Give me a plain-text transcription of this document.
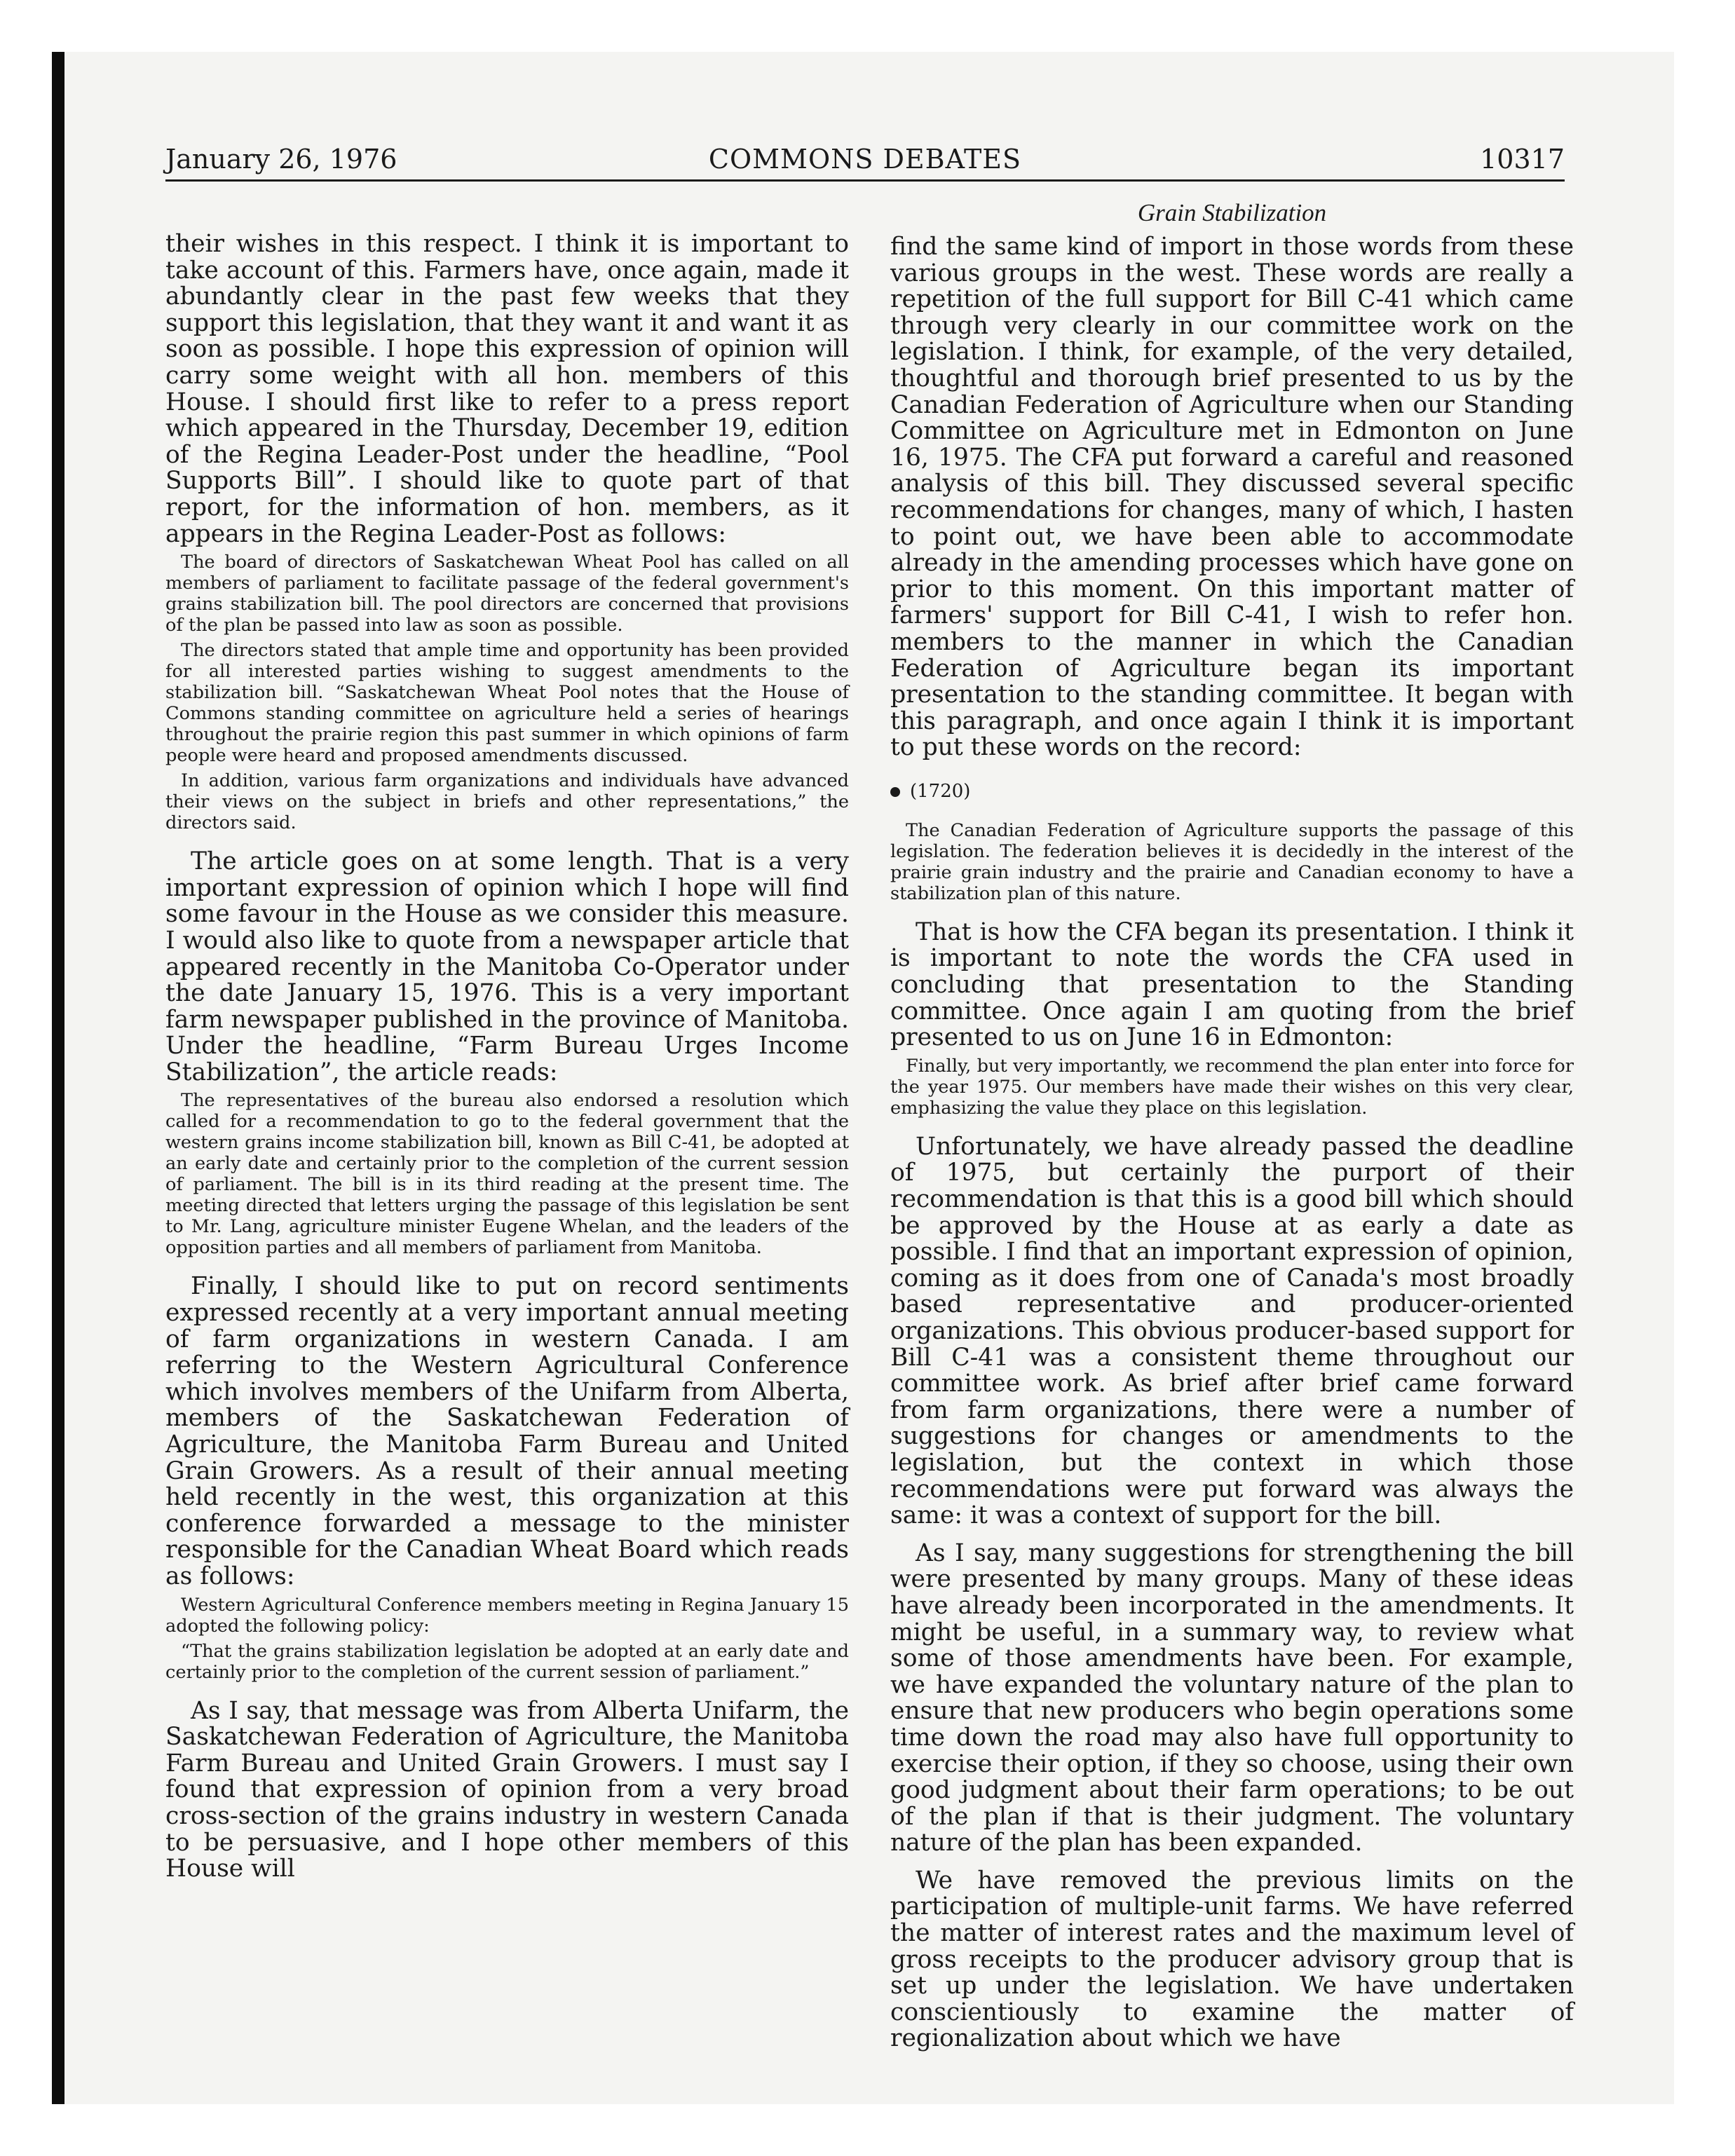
January 26, 1976	COMMONS DEBATES	10317

their wishes in this respect. I think it is important to take account of this. Farmers have, once again, made it abundantly clear in the past few weeks that they support this legislation, that they want it and want it as soon as possible. I hope this expression of opinion will carry some weight with all hon. members of this House. I should first like to refer to a press report which appeared in the Thursday, December 19, edition of the Regina Leader-Post under the headline, “Pool Supports Bill”. I should like to quote part of that report, for the information of hon. members, as it appears in the Regina Leader-Post as follows:

The board of directors of Saskatchewan Wheat Pool has called on all members of parliament to facilitate passage of the federal government's grains stabilization bill. The pool directors are concerned that provisions of the plan be passed into law as soon as possible.

The directors stated that ample time and opportunity has been provided for all interested parties wishing to suggest amendments to the stabilization bill. “Saskatchewan Wheat Pool notes that the House of Commons standing committee on agriculture held a series of hearings throughout the prairie region this past summer in which opinions of farm people were heard and proposed amendments discussed.

In addition, various farm organizations and individuals have advanced their views on the subject in briefs and other representations,” the directors said.

The article goes on at some length. That is a very important expression of opinion which I hope will find some favour in the House as we consider this measure. I would also like to quote from a newspaper article that appeared recently in the Manitoba Co-Operator under the date January 15, 1976. This is a very important farm newspaper published in the province of Manitoba. Under the headline, “Farm Bureau Urges Income Stabilization”, the article reads:

The representatives of the bureau also endorsed a resolution which called for a recommendation to go to the federal government that the western grains income stabilization bill, known as Bill C-41, be adopted at an early date and certainly prior to the completion of the current session of parliament. The bill is in its third reading at the present time. The meeting directed that letters urging the passage of this legislation be sent to Mr. Lang, agriculture minister Eugene Whelan, and the leaders of the opposition parties and all members of parliament from Manitoba.

Finally, I should like to put on record sentiments expressed recently at a very important annual meeting of farm organizations in western Canada. I am referring to the Western Agricultural Conference which involves members of the Unifarm from Alberta, members of the Saskatchewan Federation of Agriculture, the Manitoba Farm Bureau and United Grain Growers. As a result of their annual meeting held recently in the west, this organization at this conference forwarded a message to the minister responsible for the Canadian Wheat Board which reads as follows:

Western Agricultural Conference members meeting in Regina January 15 adopted the following policy:

“That the grains stabilization legislation be adopted at an early date and certainly prior to the completion of the current session of parliament.”

As I say, that message was from Alberta Unifarm, the Saskatchewan Federation of Agriculture, the Manitoba Farm Bureau and United Grain Growers. I must say I found that expression of opinion from a very broad cross-section of the grains industry in western Canada to be persuasive, and I hope other members of this House will

Grain Stabilization

find the same kind of import in those words from these various groups in the west. These words are really a repetition of the full support for Bill C-41 which came through very clearly in our committee work on the legislation. I think, for example, of the very detailed, thoughtful and thorough brief presented to us by the Canadian Federation of Agriculture when our Standing Committee on Agriculture met in Edmonton on June 16, 1975. The CFA put forward a careful and reasoned analysis of this bill. They discussed several specific recommendations for changes, many of which, I hasten to point out, we have been able to accommodate already in the amending processes which have gone on prior to this moment. On this important matter of farmers' support for Bill C-41, I wish to refer hon. members to the manner in which the Canadian Federation of Agriculture began its important presentation to the standing committee. It began with this paragraph, and once again I think it is important to put these words on the record:

(1720)

The Canadian Federation of Agriculture supports the passage of this legislation. The federation believes it is decidedly in the interest of the prairie grain industry and the prairie and Canadian economy to have a stabilization plan of this nature.

That is how the CFA began its presentation. I think it is important to note the words the CFA used in concluding that presentation to the Standing committee. Once again I am quoting from the brief presented to us on June 16 in Edmonton:

Finally, but very importantly, we recommend the plan enter into force for the year 1975. Our members have made their wishes on this very clear, emphasizing the value they place on this legislation.

Unfortunately, we have already passed the deadline of 1975, but certainly the purport of their recommendation is that this is a good bill which should be approved by the House at as early a date as possible. I find that an important expression of opinion, coming as it does from one of Canada's most broadly based representative and producer-oriented organizations. This obvious producer-based support for Bill C-41 was a consistent theme throughout our committee work. As brief after brief came forward from farm organizations, there were a number of suggestions for changes or amendments to the legislation, but the context in which those recommendations were put forward was always the same: it was a context of support for the bill.

As I say, many suggestions for strengthening the bill were presented by many groups. Many of these ideas have already been incorporated in the amendments. It might be useful, in a summary way, to review what some of those amendments have been. For example, we have expanded the voluntary nature of the plan to ensure that new producers who begin operations some time down the road may also have full opportunity to exercise their option, if they so choose, using their own good judgment about their farm operations; to be out of the plan if that is their judgment. The voluntary nature of the plan has been expanded.

We have removed the previous limits on the participation of multiple-unit farms. We have referred the matter of interest rates and the maximum level of gross receipts to the producer advisory group that is set up under the legislation. We have undertaken conscientiously to examine the matter of regionalization about which we have
